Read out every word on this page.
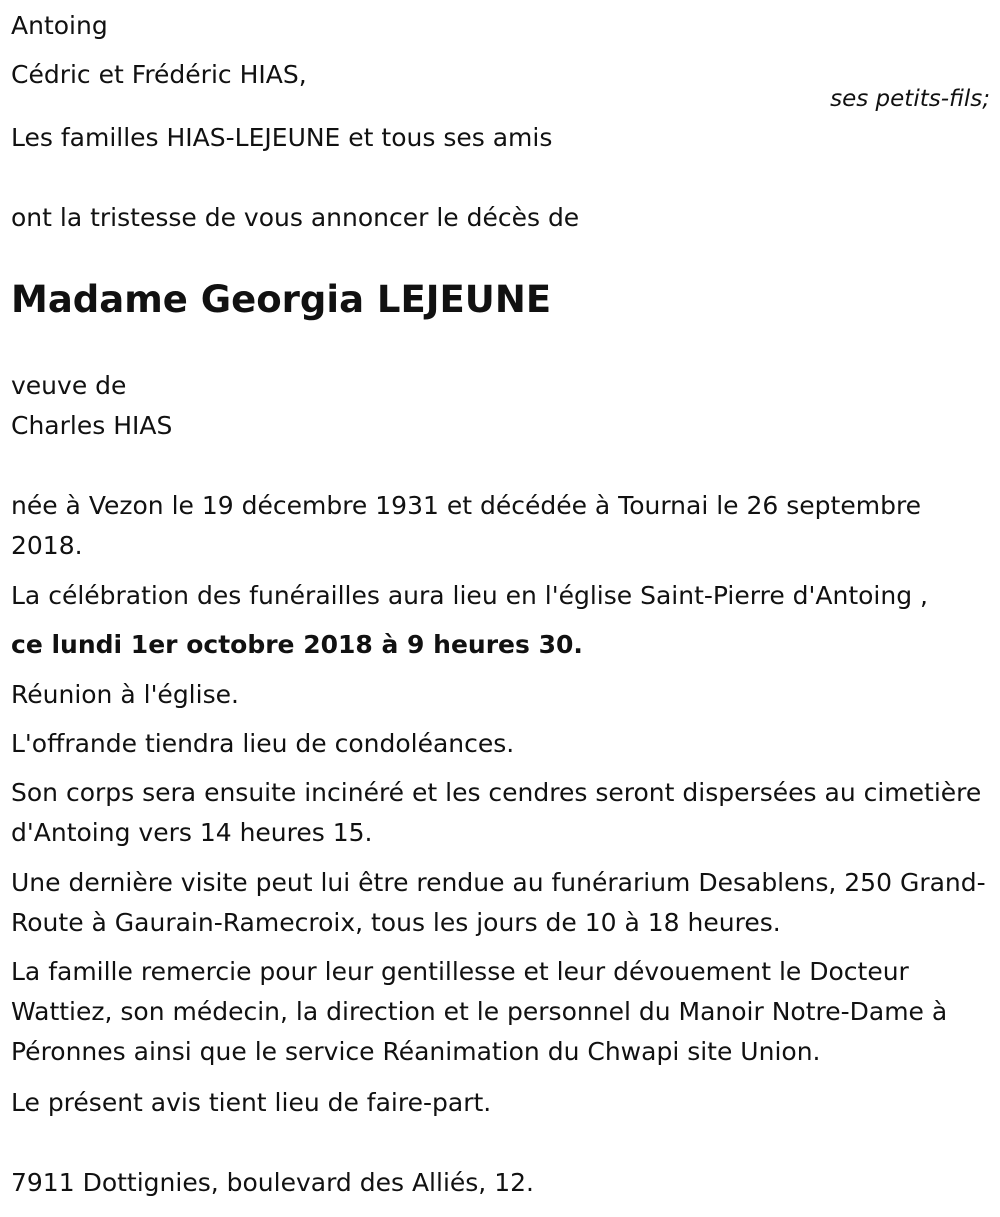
Antoing
Cédric et Frédéric HIAS,
ses petits-fils;
Les familles HIAS-LEJEUNE et tous ses amis
ont la tristesse de vous annoncer le décès de
Madame Georgia LEJEUNE
veuve de
Charles HIAS
née à Vezon le 19 décembre 1931 et décédée à Tournai le 26 septembre 2018.
La célébration des funérailles aura lieu en l'église Saint-Pierre d'Antoing ,
ce lundi 1er octobre 2018 à 9 heures 30.
Réunion à l'église.
L'offrande tiendra lieu de condoléances.
Son corps sera ensuite incinéré et les cendres seront dispersées au cimetière d'Antoing vers 14 heures 15.
Une dernière visite peut lui être rendue au funérarium Desablens, 250 Grand-Route à Gaurain-Ramecroix, tous les jours de 10 à 18 heures.
La famille remercie pour leur gentillesse et leur dévouement le Docteur Wattiez, son médecin, la direction et le personnel du Manoir Notre-Dame à Péronnes ainsi que le service Réanimation du Chwapi site Union.
Le présent avis tient lieu de faire-part.
7911 Dottignies, boulevard des Alliés, 12.
